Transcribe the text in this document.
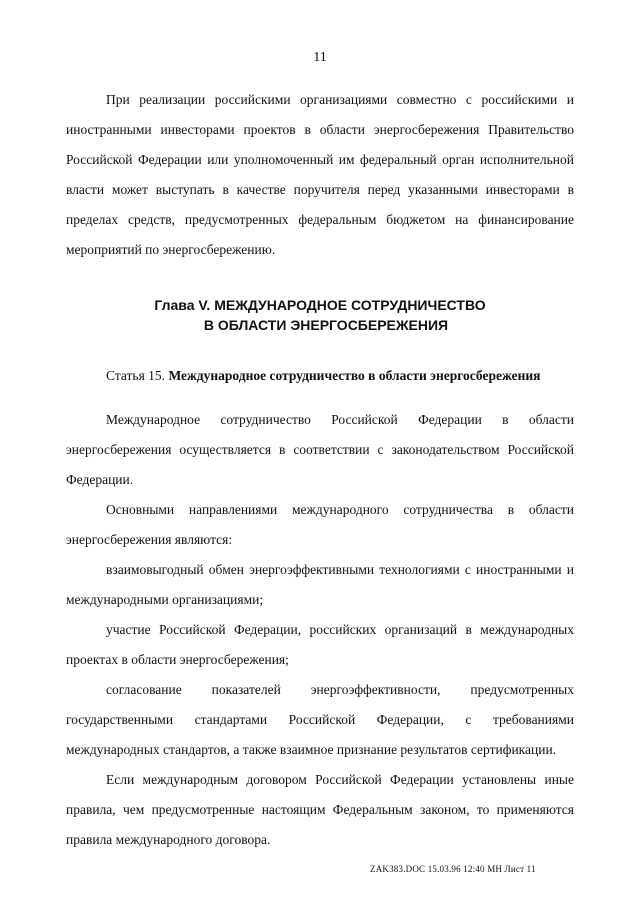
11

При реализации российскими организациями совместно с российскими и иностранными инвесторами проектов в области энергосбережения Правительство Российской Федерации или уполномоченный им федеральный орган исполнительной власти может выступать в качестве поручителя перед указанными инвесторами в пределах средств, предусмотренных федеральным бюджетом на финансирование мероприятий по энергосбережению.

Глава V. МЕЖДУНАРОДНОЕ СОТРУДНИЧЕСТВО
В ОБЛАСТИ ЭНЕРГОСБЕРЕЖЕНИЯ

Статья 15. Международное сотрудничество в области энергосбережения

Международное сотрудничество Российской Федерации в области энергосбережения осуществляется в соответствии с законодательством Российской Федерации.

Основными направлениями международного сотрудничества в области энергосбережения являются:

взаимовыгодный обмен энергоэффективными технологиями с иностранными и международными организациями;

участие Российской Федерации, российских организаций в международных проектах в области энергосбережения;

согласование показателей энергоэффективности, предусмотренных государственными стандартами Российской Федерации, с требованиями международных стандартов, а также взаимное признание результатов сертификации.

Если международным договором Российской Федерации установлены иные правила, чем предусмотренные настоящим Федеральным законом, то применяются правила международного договора.

ZAK383.DOC 15.03.96 12:40 МН Лист 11
